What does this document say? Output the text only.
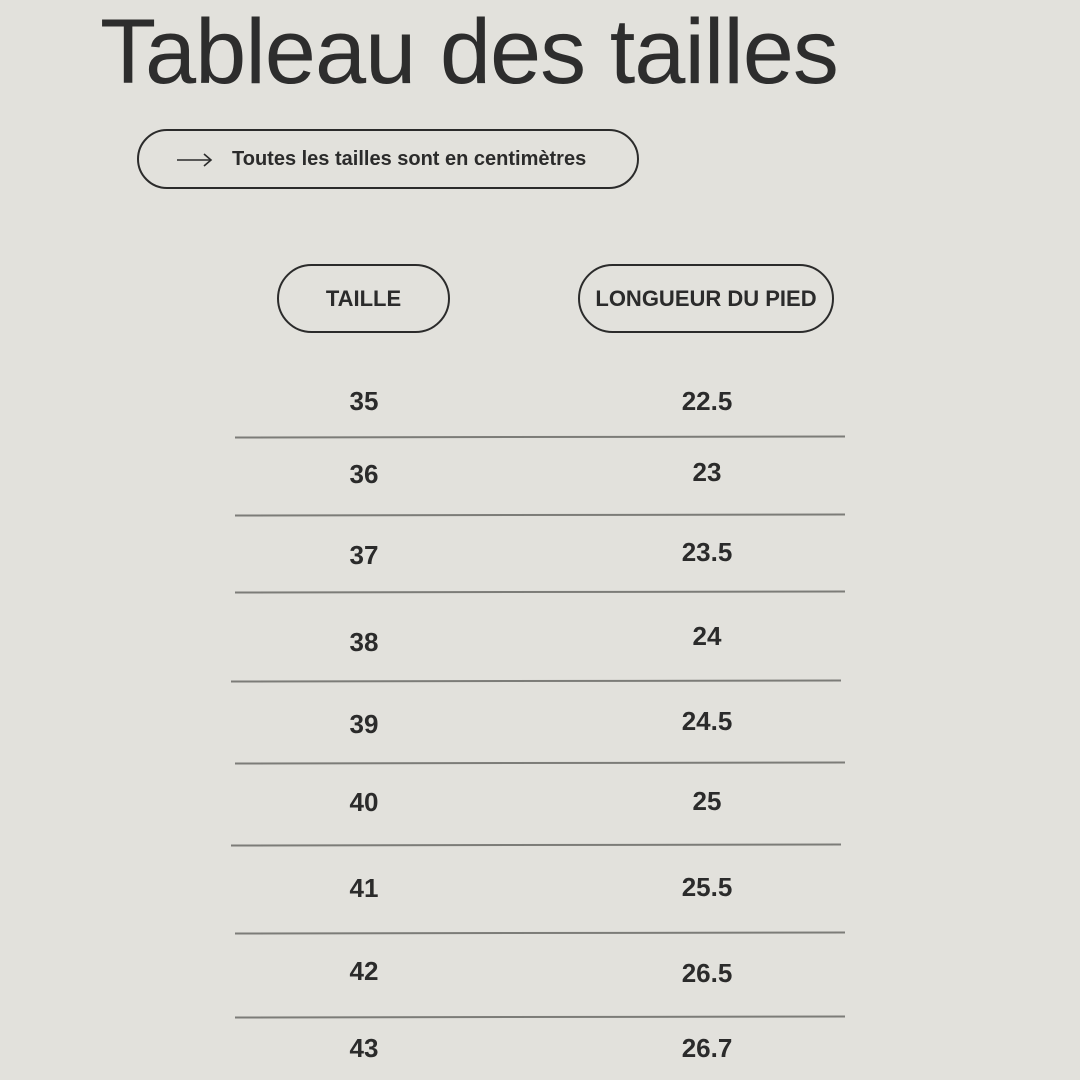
Tableau des tailles
Toutes les tailles sont en centimètres
TAILLE	LONGUEUR DU PIED
35	22.5
36	23
37	23.5
38	24
39	24.5
40	25
41	25.5
42	26.5
43	26.7
